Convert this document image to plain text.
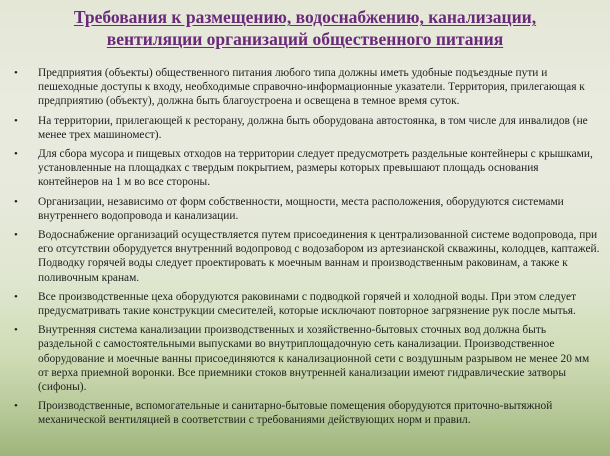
Требования к размещению, водоснабжению, канализации,
вентиляции организаций общественного питания
•	Предприятия (объекты) общественного питания любого типа должны иметь удобные подъездные пути и пешеходные доступы к входу, необходимые справочно-информационные указатели. Территория, прилегающая к предприятию (объекту), должна быть благоустроена и освещена в темное время суток.
•	На территории, прилегающей к ресторану, должна быть оборудована автостоянка, в том числе для инвалидов (не менее трех машиномест).
•	Для сбора мусора и пищевых отходов на территории следует предусмотреть раздельные контейнеры с крышками, установленные на площадках с твердым покрытием, размеры которых превышают площадь основания контейнеров на 1 м во все стороны.
•	Организации, независимо от форм собственности, мощности, места расположения, оборудуются системами внутреннего водопровода и канализации.
•	Водоснабжение организаций осуществляется путем присоединения к централизованной системе водопровода, при его отсутствии оборудуется внутренний водопровод с водозабором из артезианской скважины, колодцев, каптажей. Подводку горячей воды следует проектировать к моечным ваннам и производственным раковинам, а также к поливочным кранам.
•	Все производственные цеха оборудуются раковинами с подводкой горячей и холодной воды. При этом следует предусматривать такие конструкции смесителей, которые исключают повторное загрязнение рук после мытья.
•	Внутренняя система канализации производственных и хозяйственно-бытовых сточных вод должна быть раздельной с самостоятельными выпусками во внутриплощадочную сеть канализации. Производственное оборудование и моечные ванны присоединяются к канализационной сети с воздушным разрывом не менее 20 мм от верха приемной воронки. Все приемники стоков внутренней канализации имеют гидравлические затворы (сифоны).
•	Производственные, вспомогательные и санитарно-бытовые помещения оборудуются приточно-вытяжной механической вентиляцией в соответствии с требованиями действующих норм и правил.
